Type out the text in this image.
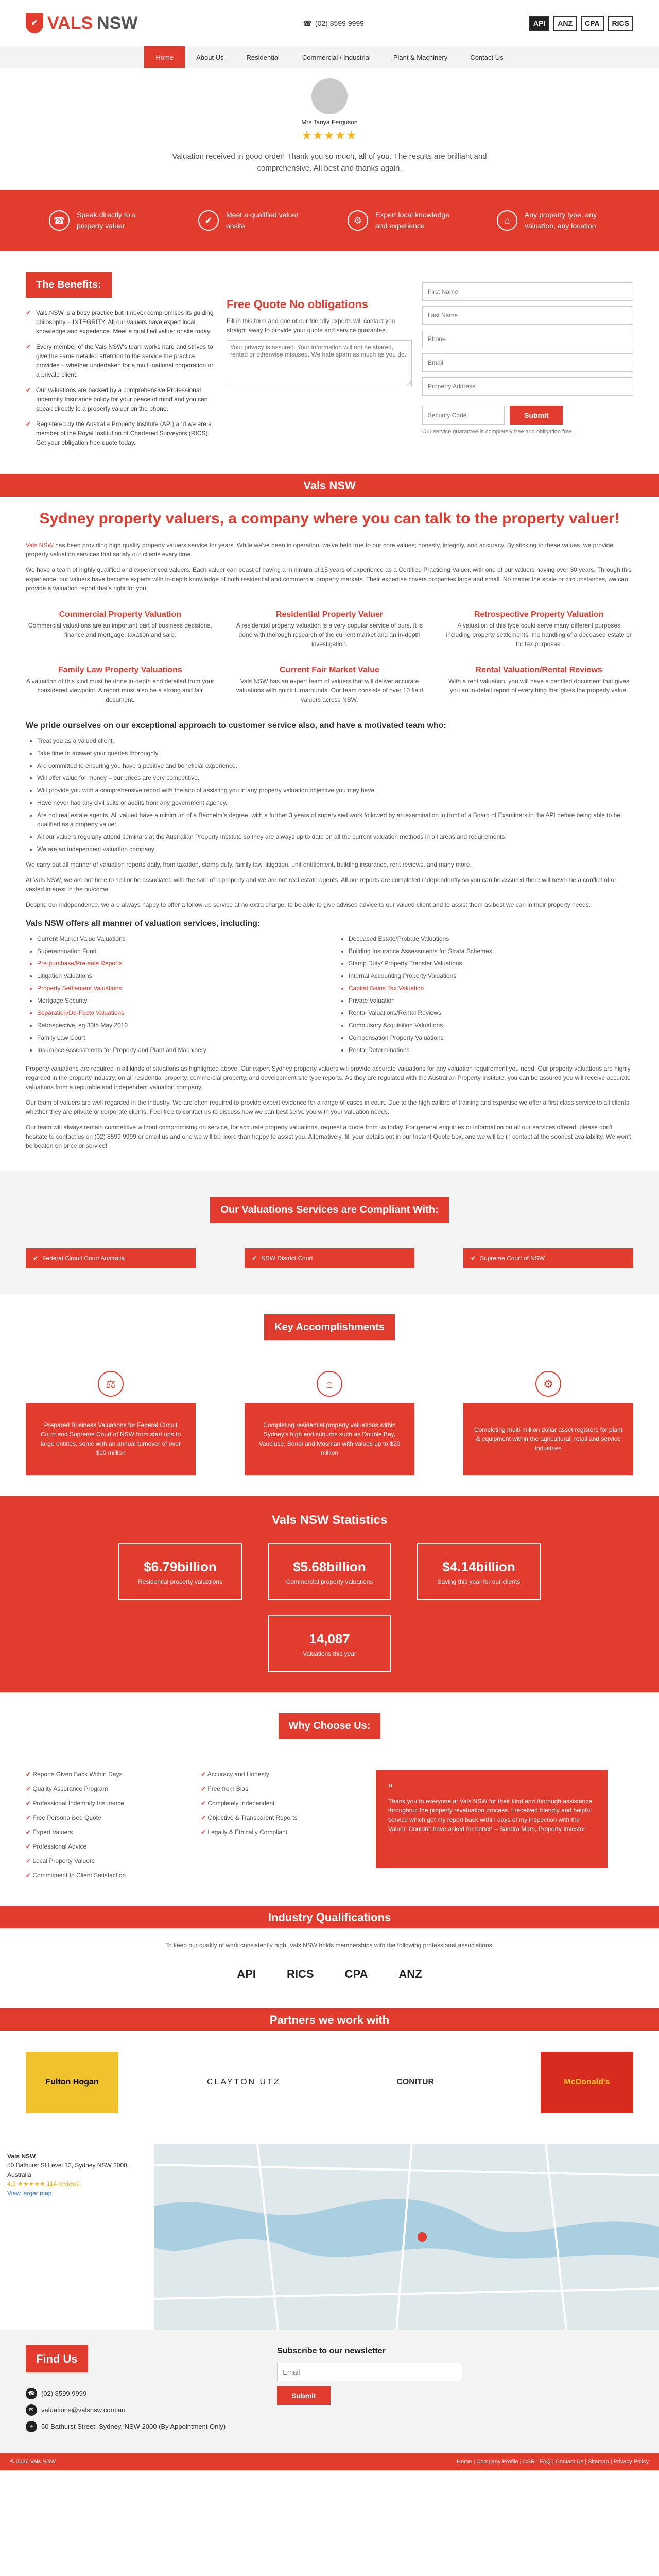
✔ VALS NSW	☎ (02) 8599 9999	API	ANZ	CPA	RICS
Home	About Us	Residential	Commercial / Industrial	Plant & Machinery	Contact Us
Mrs Tanya Ferguson
★★★★★

Valuation received in good order! Thank you so much, all of you. The results are brilliant and comprehensive. All best and thanks again.

☎
Speak directly to a property valuer
✔
Meet a qualified valuer onsite
⚙
Expert local knowledge and experience
⌂
Any property type, any valuation, any location
The Benefits:
✔ Vals NSW is a busy practice but it never compromises its guiding philosophy – INTEGRITY. All our valuers have expert local knowledge and experience. Meet a qualified valuer onsite today.
✔ Every member of the Vals NSW's team works hard and strives to give the same detailed attention to the service the practice provides – whether undertaken for a multi-national corporation or a private client.
✔ Our valuations are backed by a comprehensive Professional Indemnity Insurance policy for your peace of mind and you can speak directly to a property valuer on the phone.
✔ Registered by the Australia Property Institute (API) and we are a member of the Royal Institution of Chartered Surveyors (RICS), Get your obligation free quote today.
Free Quote No obligations

Fill in this form and one of our friendly experts will contact you straight away to provide your quote and service guarantee.

Your privacy is assured. Your information will not be shared, rented or otherwise misused. We hate spam as much as you do.
First Name
Last Name
Phone
Email
Property Address
Security Code
Submit
Our service guarantee is completely free and obligation free.
Vals NSW
Sydney property valuers, a company where you can talk to the property valuer!

Vals NSW has been providing high quality property valuers service for years. While we've been in operation, we've held true to our core values; honesty, integrity, and accuracy. By sticking to these values, we provide property valuation services that satisfy our clients every time.

We have a team of highly qualified and experienced valuers. Each valuer can boast of having a minimum of 15 years of experience as a Certified Practicing Valuer, with one of our valuers having over 30 years. Through this experience, our valuers have become experts with in-depth knowledge of both residential and commercial property markets. Their expertise covers properties large and small. No matter the scale or circumstances, we can provide a valuation report that's right for you.

Commercial Property Valuation

Commercial valuations are an important part of business decisions, finance and mortgage, taxation and sale.

Residential Property Valuer

A residential property valuation is a very popular service of ours. It is done with thorough research of the current market and an in-depth investigation.

Retrospective Property Valuation

A valuation of this type could serve many different purposes including property settlements, the handling of a deceased estate or for tax purposes.

Family Law Property Valuations

A valuation of this kind must be done in-depth and detailed from your considered viewpoint. A report must also be a strong and fair document.

Current Fair Market Value

Vals NSW has an expert team of valuers that will deliver accurate valuations with quick turnarounds. Our team consists of over 10 field valuers across NSW.

Rental Valuation/Rental Reviews

With a rent valuation, you will have a certified document that gives you an in-detail report of everything that gives the property value.

We pride ourselves on our exceptional approach to customer service also, and have a motivated team who:

• Treat you as a valued client.
• Take time to answer your queries thoroughly.
• Are committed to ensuring you have a positive and beneficial experience.
• Will offer value for money – our prices are very competitive.
• Will provide you with a comprehensive report with the aim of assisting you in any property valuation objective you may have.
• Have never had any civil suits or audits from any government agency.
• Are not real estate agents. All valued have a minimum of a Bachelor's degree, with a further 3 years of supervised work followed by an examination in front of a Board of Examiners in the API before being able to be qualified as a property valuer.
• All our valuers regularly attend seminars at the Australian Property Institute so they are always up to date on all the current valuation methods in all areas and requirements.
• We are an independent valuation company.

We carry out all manner of valuation reports daily, from taxation, stamp duty, family law, litigation, unit entitlement, building insurance, rent reviews, and many more.

At Vals NSW, we are not here to sell or be associated with the sale of a property and we are not real estate agents. All our reports are completed independently so you can be assured there will never be a conflict of or vested interest in the outcome.

Despite our independence, we are always happy to offer a follow-up service at no extra charge, to be able to give advised advice to our valued client and to assist them as best we can in their property needs.

Vals NSW offers all manner of valuation services, including:

• Current Market Value Valuations
• Superannuation Fund
• Pre-purchase/Pre-sale Reports
• Litigation Valuations
• Property Settlement Valuations
• Mortgage Security
• Separation/De-Facto Valuations
• Retrospective, eg 30th May 2010
• Family Law Court
• Insurance Assessments for Property and Plant and Machinery
• Deceased Estate/Probate Valuations
• Building Insurance Assessments for Strata Schemes
• Stamp Duty/ Property Transfer Valuations
• Internal Accounting Property Valuations
• Capital Gains Tax Valuation
• Private Valuation
• Rental Valuations/Rental Reviews
• Compulsory Acquisition Valuations
• Compensation Property Valuations
• Rental Determinations

Property valuations are required in all kinds of situations as highlighted above. Our expert Sydney property valuers will provide accurate valuations for any valuation requirement you need. Our property valuations are highly regarded in the property industry, on all residential property, commercial property, and development site type reports. As they are regulated with the Australian Property Institute, you can be assured you will receive accurate valuations from a reputable and independent valuation company.

Our team of valuers are well regarded in the industry. We are often required to provide expert evidence for a range of cases in court. Due to the high calibre of training and expertise we offer a first class service to all clients whether they are private or corporate clients. Feel free to contact us to discuss how we can best serve you with your valuation needs.

Our team will always remain competitive without compromising on service, for accurate property valuations, request a quote from us today. For general enquiries or information on all our services offered, please don't hesitate to contact us on (02) 8599 9999 or email us and one we will be more than happy to assist you. Alternatively, fill your details out in our Instant Quote box, and we will be in contact at the soonest availability. We won't be beaten on price or service!

Our Valuations Services are Compliant With:
✔ Federal Circuit Court Australia	✔ NSW District Court	✔ Supreme Court of NSW
Key Accomplishments
⚖
Prepared Business Valuations for Federal Circuit Court and Supreme Court of NSW from start ups to large entities, some with an annual turnover of over $10 million
⌂
Completing residential property valuations within Sydney's high end suburbs such as Double Bay, Vaucluse, Bondi and Mosman with values up to $20 million
⚙
Completing multi-million dollar asset registers for plant & equipment within the agricultural, retail and service industries
Vals NSW Statistics
$6.79billion
Residential property valuations
$5.68billion
Commercial property valuations
$4.14billion
Saving this year for our clients
14,087
Valuations this year
Why Choose Us:
✔ Reports Given Back Within Days
✔ Quality Assurance Program
✔ Professional Indemnity Insurance
✔ Free Personalised Quote
✔ Expert Valuers
✔ Professional Advice
✔ Local Property Valuers
✔ Commitment to Client Satisfaction
✔ Accuracy and Honesty
✔ Free from Bias
✔ Completely Independent
✔ Objective & Transparent Reports
✔ Legally & Ethically Compliant
“

Thank you to everyone at Vals NSW for their kind and thorough assistance throughout the property revaluation process. I received friendly and helpful service which got my report back within days of my inspection with the Valuer. Couldn't have asked for better! – Sandra Mars, Property Investor

Industry Qualifications

To keep our quality of work consistently high, Vals NSW holds memberships with the following professional associations:

API	RICS	CPA	ANZ
Partners we work with
Fulton Hogan	CLAYTON UTZ	CONITUR	McDonald's
Vals NSW

50 Bathurst St Level 12, Sydney NSW 2000, Australia

4.9 ★★★★★ 114 reviews

View larger map
Find Us
☎ (02) 8599 9999
✉	valuations@valsnsw.com.au
⌖	50 Bathurst Street, Sydney, NSW 2000 (By Appointment Only)
Subscribe to our newsletter
Email
Submit
© 2026 Vals NSW	Home | Company Profile | CSR | FAQ | Contact Us | Sitemap | Privacy Policy
